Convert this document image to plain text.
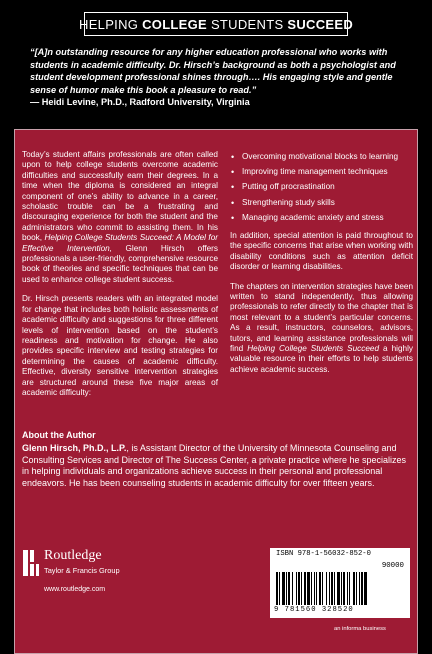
HELPING
COLLEGE
STUDENTS
SUCCEED
“[A]n outstanding resource for any higher education professional who works with students in academic difficulty. Dr. Hirsch’s background as both a psychologist and student development professional shines through…. His engaging style and gentle sense of humor make this book a pleasure to read.”
— Heidi Levine, Ph.D., Radford University, Virginia

Today’s student affairs professionals are often called upon to help college students overcome academic difficulties and successfully earn their degrees. In a time when the diploma is considered an integral component of one’s ability to advance in a career, scholastic trouble can be a frustrating and discouraging experience for both the student and the administrators who commit to assisting them. In his book, Helping College Students Succeed: A Model for Effective Intervention, Glenn Hirsch offers professionals a user-friendly, comprehensive resource book of theories and specific techniques that can be used to enhance college student success.

Dr. Hirsch presents readers with an integrated model for change that includes both holistic assessments of academic difficulty and suggestions for three different levels of intervention based on the student’s readiness and motivation for change. He also provides specific interview and testing strategies for determining the causes of academic difficulty. Effective, diversity sensitive intervention strategies are structured around these five major areas of academic difficulty:

• Overcoming motivational blocks to learning
• Improving time management techniques
• Putting off procrastination
• Strengthening study skills
• Managing academic anxiety and stress

In addition, special attention is paid throughout to the specific concerns that arise when working with disability conditions such as attention deficit disorder or learning disabilities.

The chapters on intervention strategies have been written to stand independently, thus allowing professionals to refer directly to the chapter that is most relevant to a student’s particular concerns. As a result, instructors, counselors, advisors, tutors, and learning assistance professionals will find Helping College Students Succeed a highly valuable resource in their efforts to help students achieve academic success.

About the Author
Glenn Hirsch, Ph.D., L.P., is Assistant Director of the University of Minnesota Counseling and Consulting Services and Director of The Success Center, a private practice where he specializes in helping individuals and organizations achieve success in their personal and professional endeavors. He has been counseling students in academic difficulty for over fifteen years.
Routledge
Taylor & Francis Group
www.routledge.com
ISBN 978-1-56032-852-0
90000
9 781560 328520
an informa business
